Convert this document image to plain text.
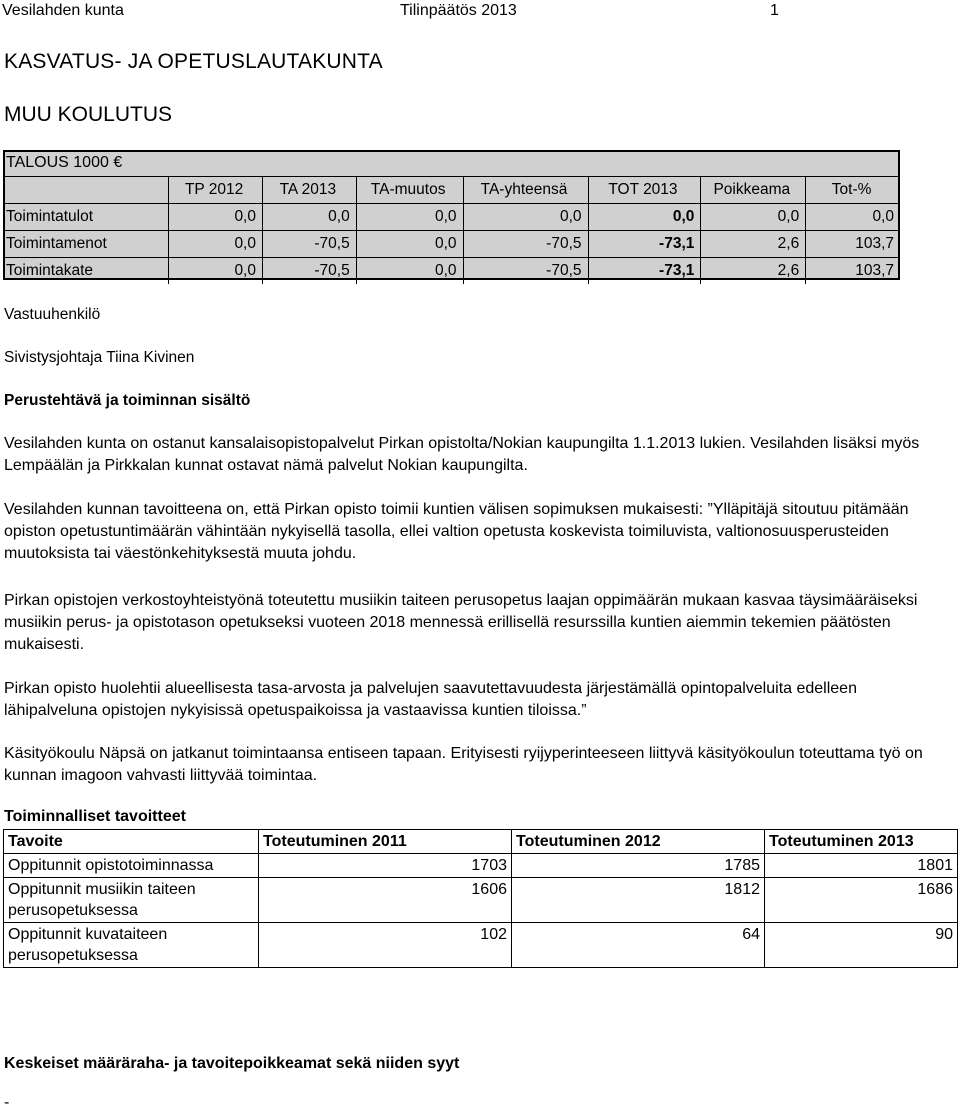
Vesilahden kunta	Tilinpäätös 2013	1
KASVATUS- JA OPETUSLAUTAKUNTA
MUU KOULUTUS
TALOUS 1000 €							
	TP 2012	TA 2013	TA-muutos	TA-yhteensä	TOT 2013	Poikkeama	Tot-%
Toimintatulot	0,0	0,0	0,0	0,0	0,0	0,0	0,0
Toimintamenot	0,0	-70,5	0,0	-70,5	-73,1	2,6	103,7
Toimintakate	0,0	-70,5	0,0	-70,5	-73,1	2,6	103,7
Vastuuhenkilö
Sivistysjohtaja Tiina Kivinen
Perustehtävä ja toiminnan sisältö

Vesilahden kunta on ostanut kansalaisopistopalvelut Pirkan opistolta/Nokian kaupungilta 1.1.2013 lukien. Vesilahden lisäksi myös Lempäälän ja Pirkkalan kunnat ostavat nämä palvelut Nokian kaupungilta.

Vesilahden kunnan tavoitteena on, että Pirkan opisto toimii kuntien välisen sopimuksen mukaisesti: ”Ylläpitäjä sitoutuu pitämään opiston opetustuntimäärän vähintään nykyisellä tasolla, ellei valtion opetusta koskevista toimiluvista, valtionosuusperusteiden muutoksista tai väestönkehityksestä muuta johdu.

Pirkan opistojen verkostoyhteistyönä toteutettu musiikin taiteen perusopetus laajan oppimäärän mukaan kasvaa täysimääräiseksi musiikin perus- ja opistotason opetukseksi vuoteen 2018 mennessä erillisellä resurssilla kuntien aiemmin tekemien päätösten mukaisesti.

Pirkan opisto huolehtii alueellisesta tasa-arvosta ja palvelujen saavutettavuudesta järjestämällä opintopalveluita edelleen lähipalveluna opistojen nykyisissä opetuspaikoissa ja vastaavissa kuntien tiloissa.”

Käsityökoulu Näpsä on jatkanut toimintaansa entiseen tapaan. Erityisesti ryijyperinteeseen liittyvä käsityökoulun toteuttama työ on kunnan imagoon vahvasti liittyvää toimintaa.

Toiminnalliset tavoitteet
Tavoite	Toteutuminen 2011	Toteutuminen 2012	Toteutuminen 2013
Oppitunnit opistotoiminnassa	1703	1785	1801
Oppitunnit musiikin taiteen perusopetuksessa	1606	1812	1686
Oppitunnit kuvataiteen perusopetuksessa	102	64	90
Keskeiset määräraha- ja tavoitepoikkeamat sekä niiden syyt
-
